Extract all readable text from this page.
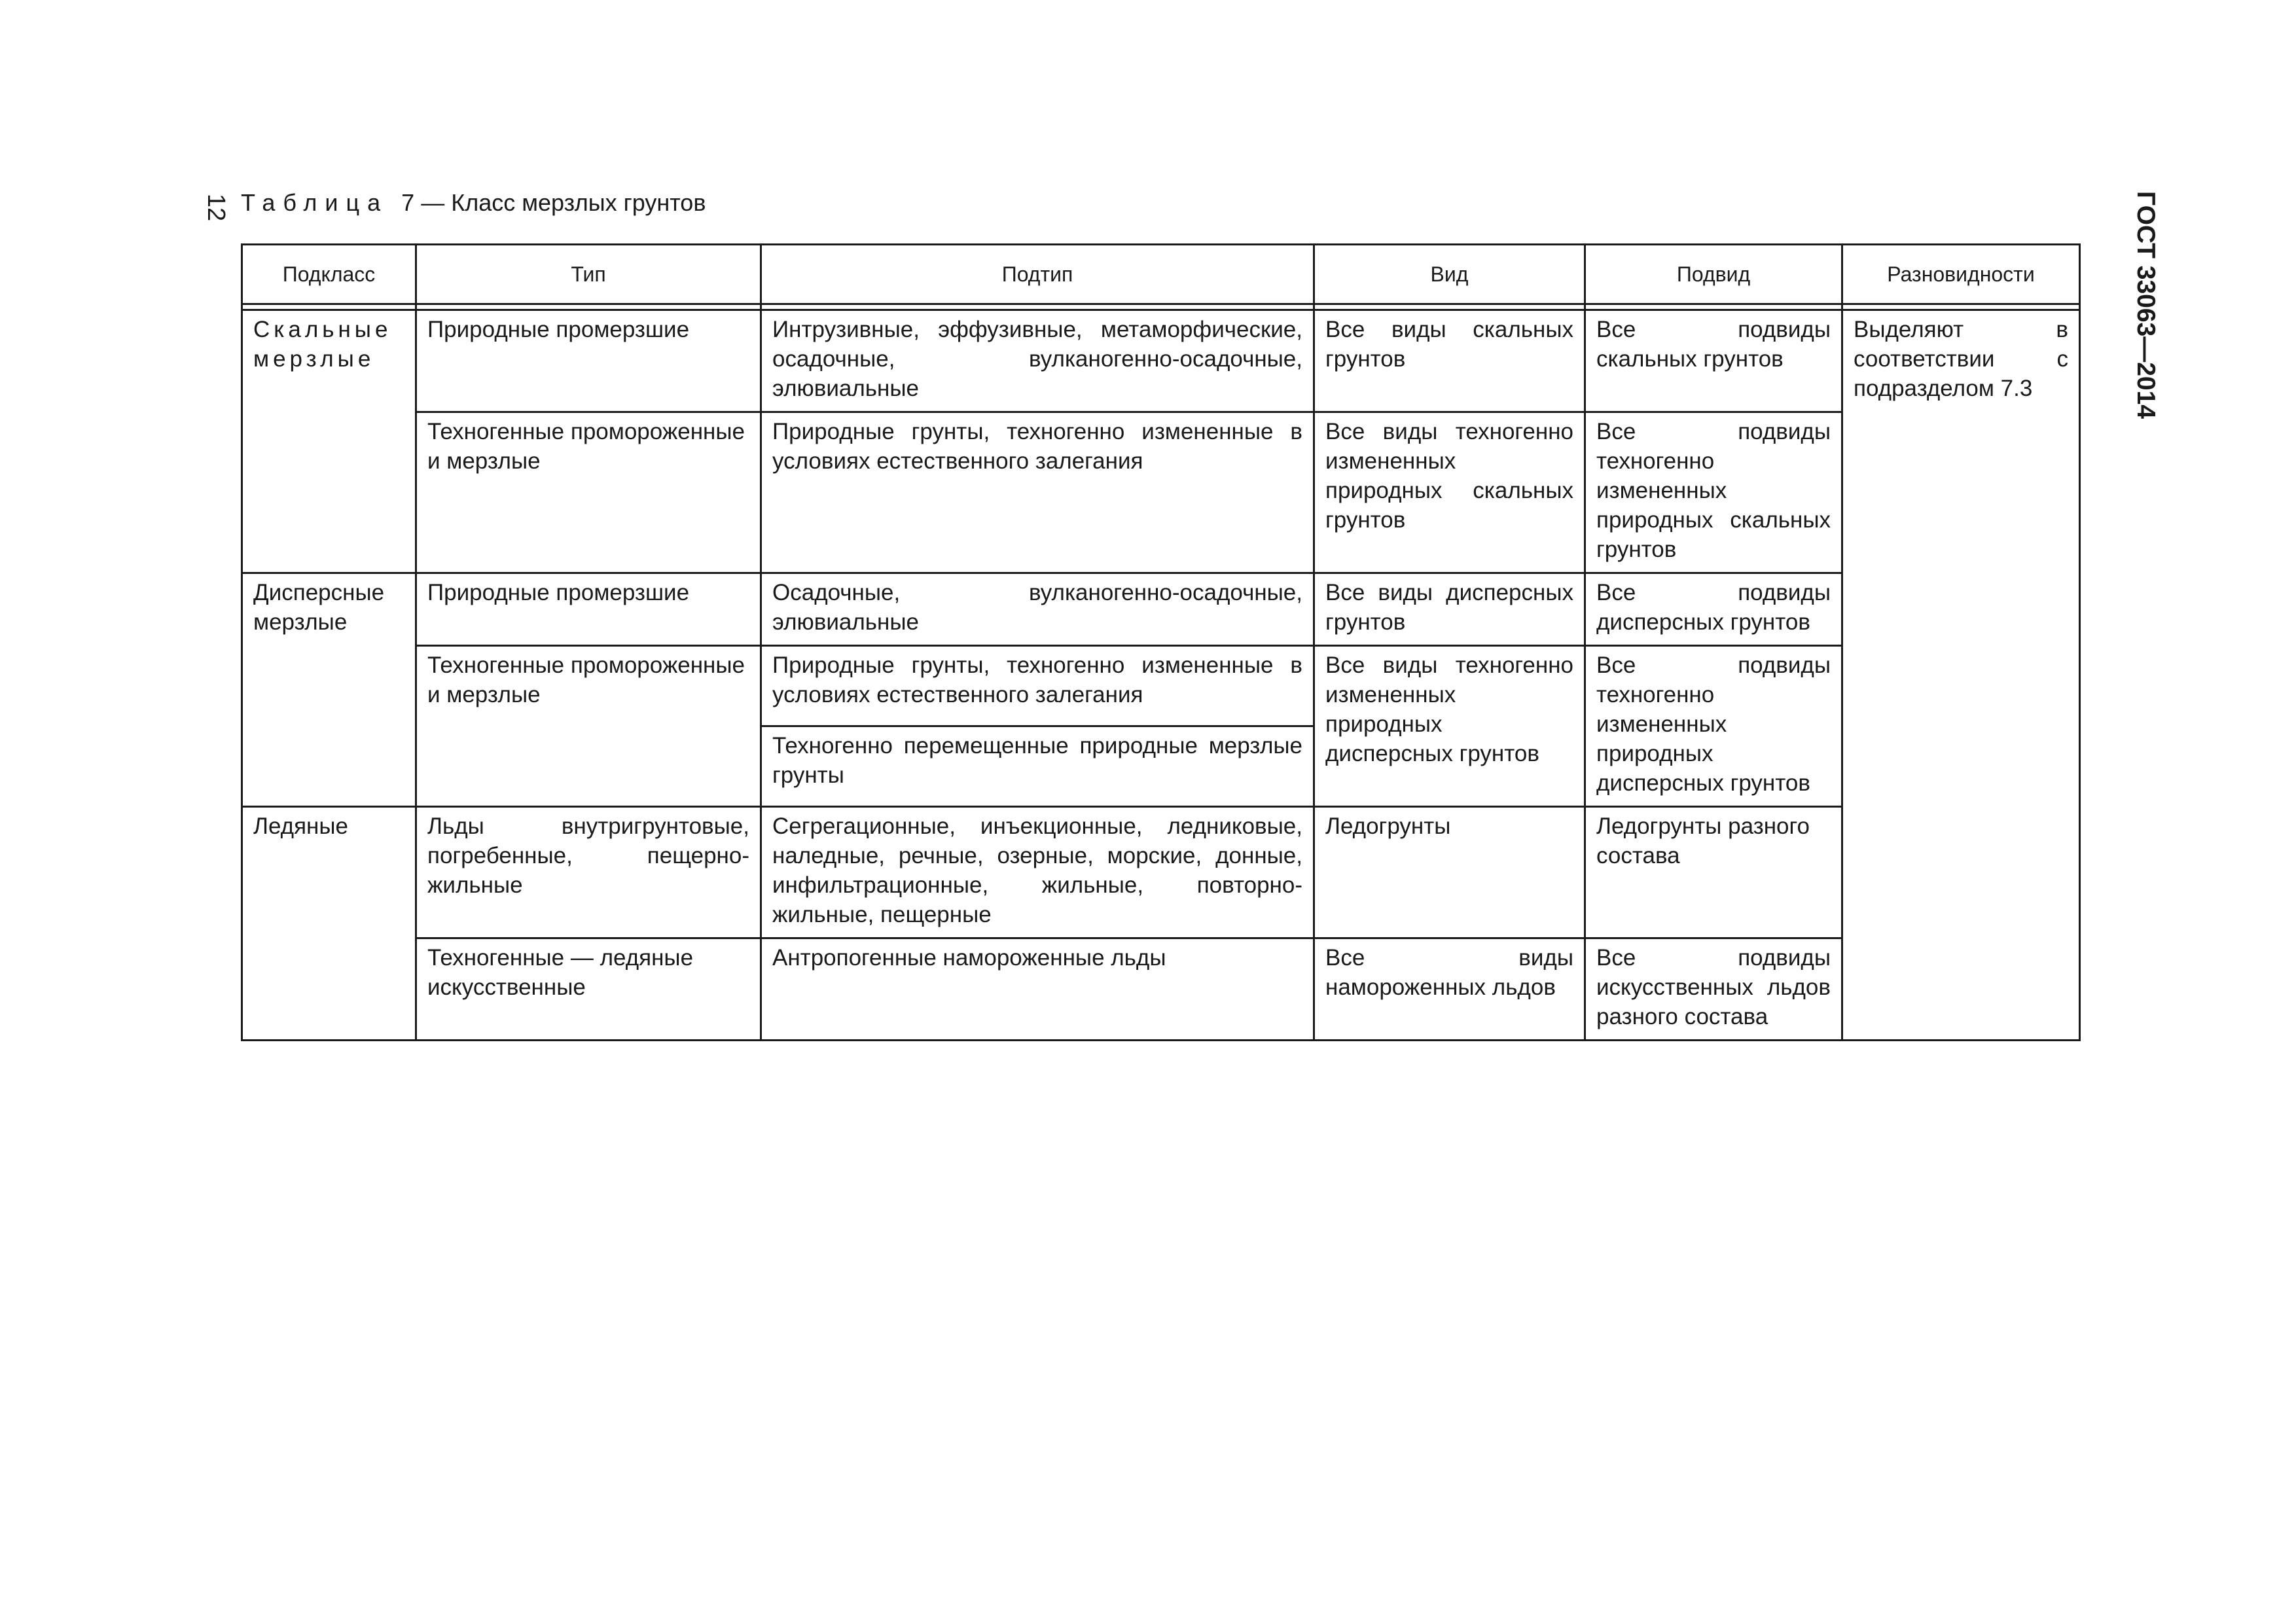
12 Таблица 7 — Класс мерзлых грунтов	ГОСТ 33063—2014
Подкласс	Тип	Подтип	Вид	Подвид	Разновидности

Скальные мерзлые	Природные промерзшие	Интрузивные, эффузивные, метаморфические, осадочные, вулканогенно-осадочные, элювиальные	Все виды скальных грунтов	Все подвиды скальных грунтов	Выделяют в соответствии с подразделом 7.3
	Техногенные промороженные и мерзлые	Природные грунты, техногенно измененные в условиях естественного залегания	Все виды техногенно измененных природных скальных грунтов	Все подвиды техногенно измененных природных скальных грунтов	
Дисперсные мерзлые	Природные промерзшие	Осадочные, вулканогенно-осадочные, элювиальные	Все виды дисперсных грунтов	Все подвиды дисперсных грунтов	
	Техногенные промороженные и мерзлые	Природные грунты, техногенно измененные в условиях естественного залегания	Все виды техногенно измененных природных дисперсных грунтов	Все подвиды техногенно измененных природных дисперсных грунтов	
		Техногенно перемещенные природные мерзлые грунты			
Ледяные	Льды внутригрунтовые, погребенные, пещерно-жильные	Сегрегационные, инъекционные, ледниковые, наледные, речные, озерные, морские, донные, инфильтрационные, жильные, повторно-жильные, пещерные	Ледогрунты	Ледогрунты разного состава	
	Техногенные — ледяные искусственные	Антропогенные намороженные льды	Все виды намороженных льдов	Все подвиды искусственных льдов разного состава	
